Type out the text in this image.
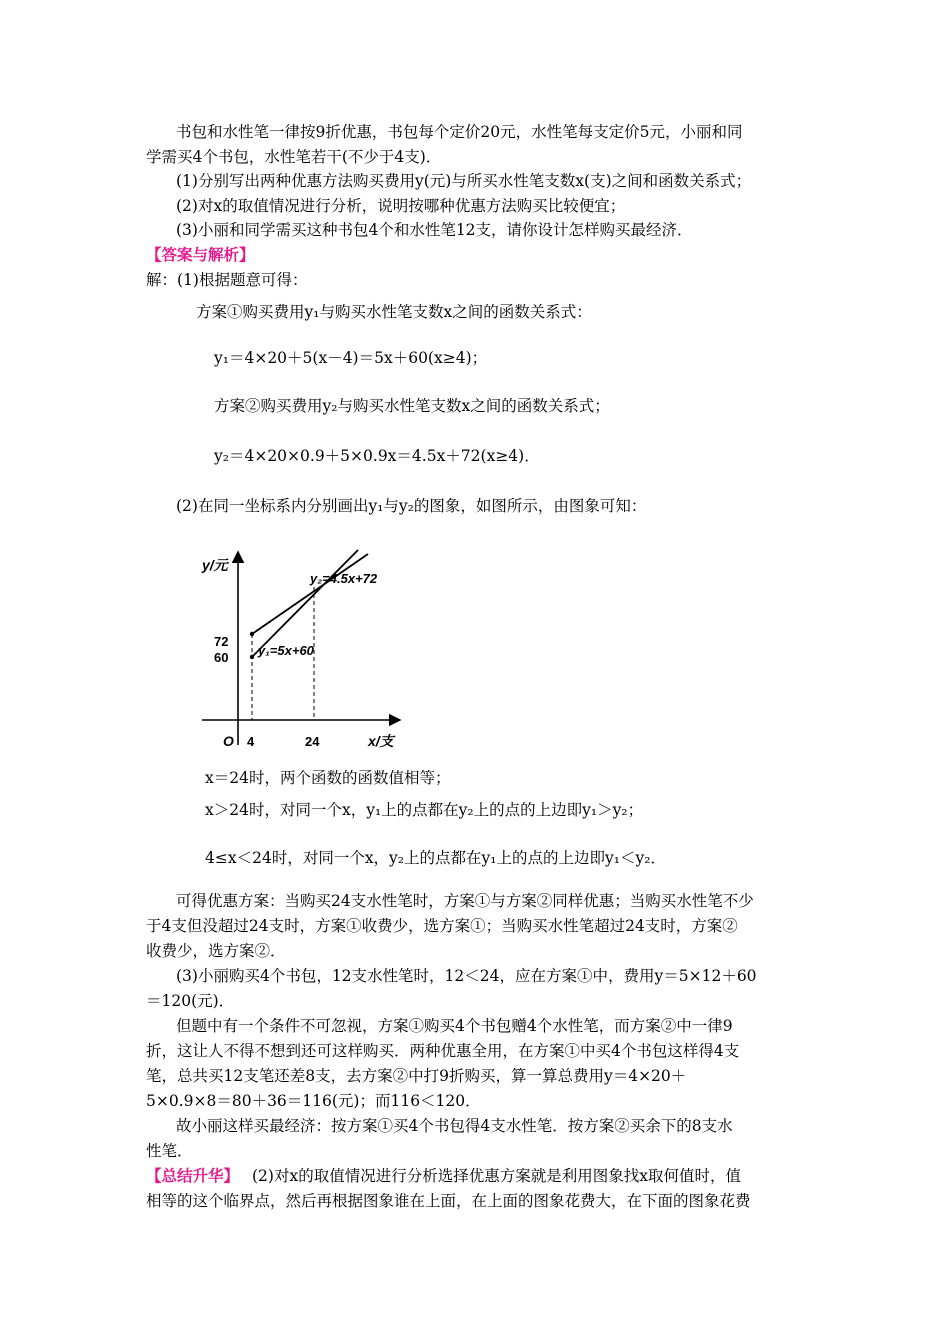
书包和水性笔一律按9折优惠，书包每个定价20元，水性笔每支定价5元，小丽和同
学需买4个书包，水性笔若干(不少于4支)．
(1)分别写出两种优惠方法购买费用y(元)与所买水性笔支数x(支)之间和函数关系式；
(2)对x的取值情况进行分析，说明按哪种优惠方法购买比较便宜；
(3)小丽和同学需买这种书包4个和水性笔12支，请你设计怎样购买最经济．
【答案与解析】
解：(1)根据题意可得：
方案①购买费用y₁与购买水性笔支数x之间的函数关系式：
y₁＝4×20＋5(x－4)＝5x＋60(x≥4)；
方案②购买费用y₂与购买水性笔支数x之间的函数关系式；
y₂＝4×20×0.9＋5×0.9x＝4.5x＋72(x≥4)．
(2)在同一坐标系内分别画出y₁与y₂的图象，如图所示，由图象可知：
y/元
x/支
O 4	24
72
60
y₂=4.5x+72
y₁=5x+60
x＝24时，两个函数的函数值相等；
x＞24时，对同一个x，y₁上的点都在y₂上的点的上边即y₁＞y₂；
4≤x＜24时，对同一个x，y₂上的点都在y₁上的点的上边即y₁＜y₂．
可得优惠方案：当购买24支水性笔时，方案①与方案②同样优惠；当购买水性笔不少
于4支但没超过24支时，方案①收费少，选方案①；当购买水性笔超过24支时，方案②
收费少，选方案②．
(3)小丽购买4个书包，12支水性笔时，12＜24，应在方案①中，费用y＝5×12＋60
＝120(元)．
但题中有一个条件不可忽视，方案①购买4个书包赠4个水性笔，而方案②中一律9
折，这让人不得不想到还可这样购买．两种优惠全用，在方案①中买4个书包这样得4支
笔，总共买12支笔还差8支，去方案②中打9折购买，算一算总费用y＝4×20＋
5×0.9×8＝80＋36＝116(元)；而116＜120．
故小丽这样买最经济：按方案①买4个书包得4支水性笔．按方案②买余下的8支水
性笔．
【总结升华】 (2)对x的取值情况进行分析选择优惠方案就是利用图象找x取何值时，值
相等的这个临界点，然后再根据图象谁在上面，在上面的图象花费大，在下面的图象花费
